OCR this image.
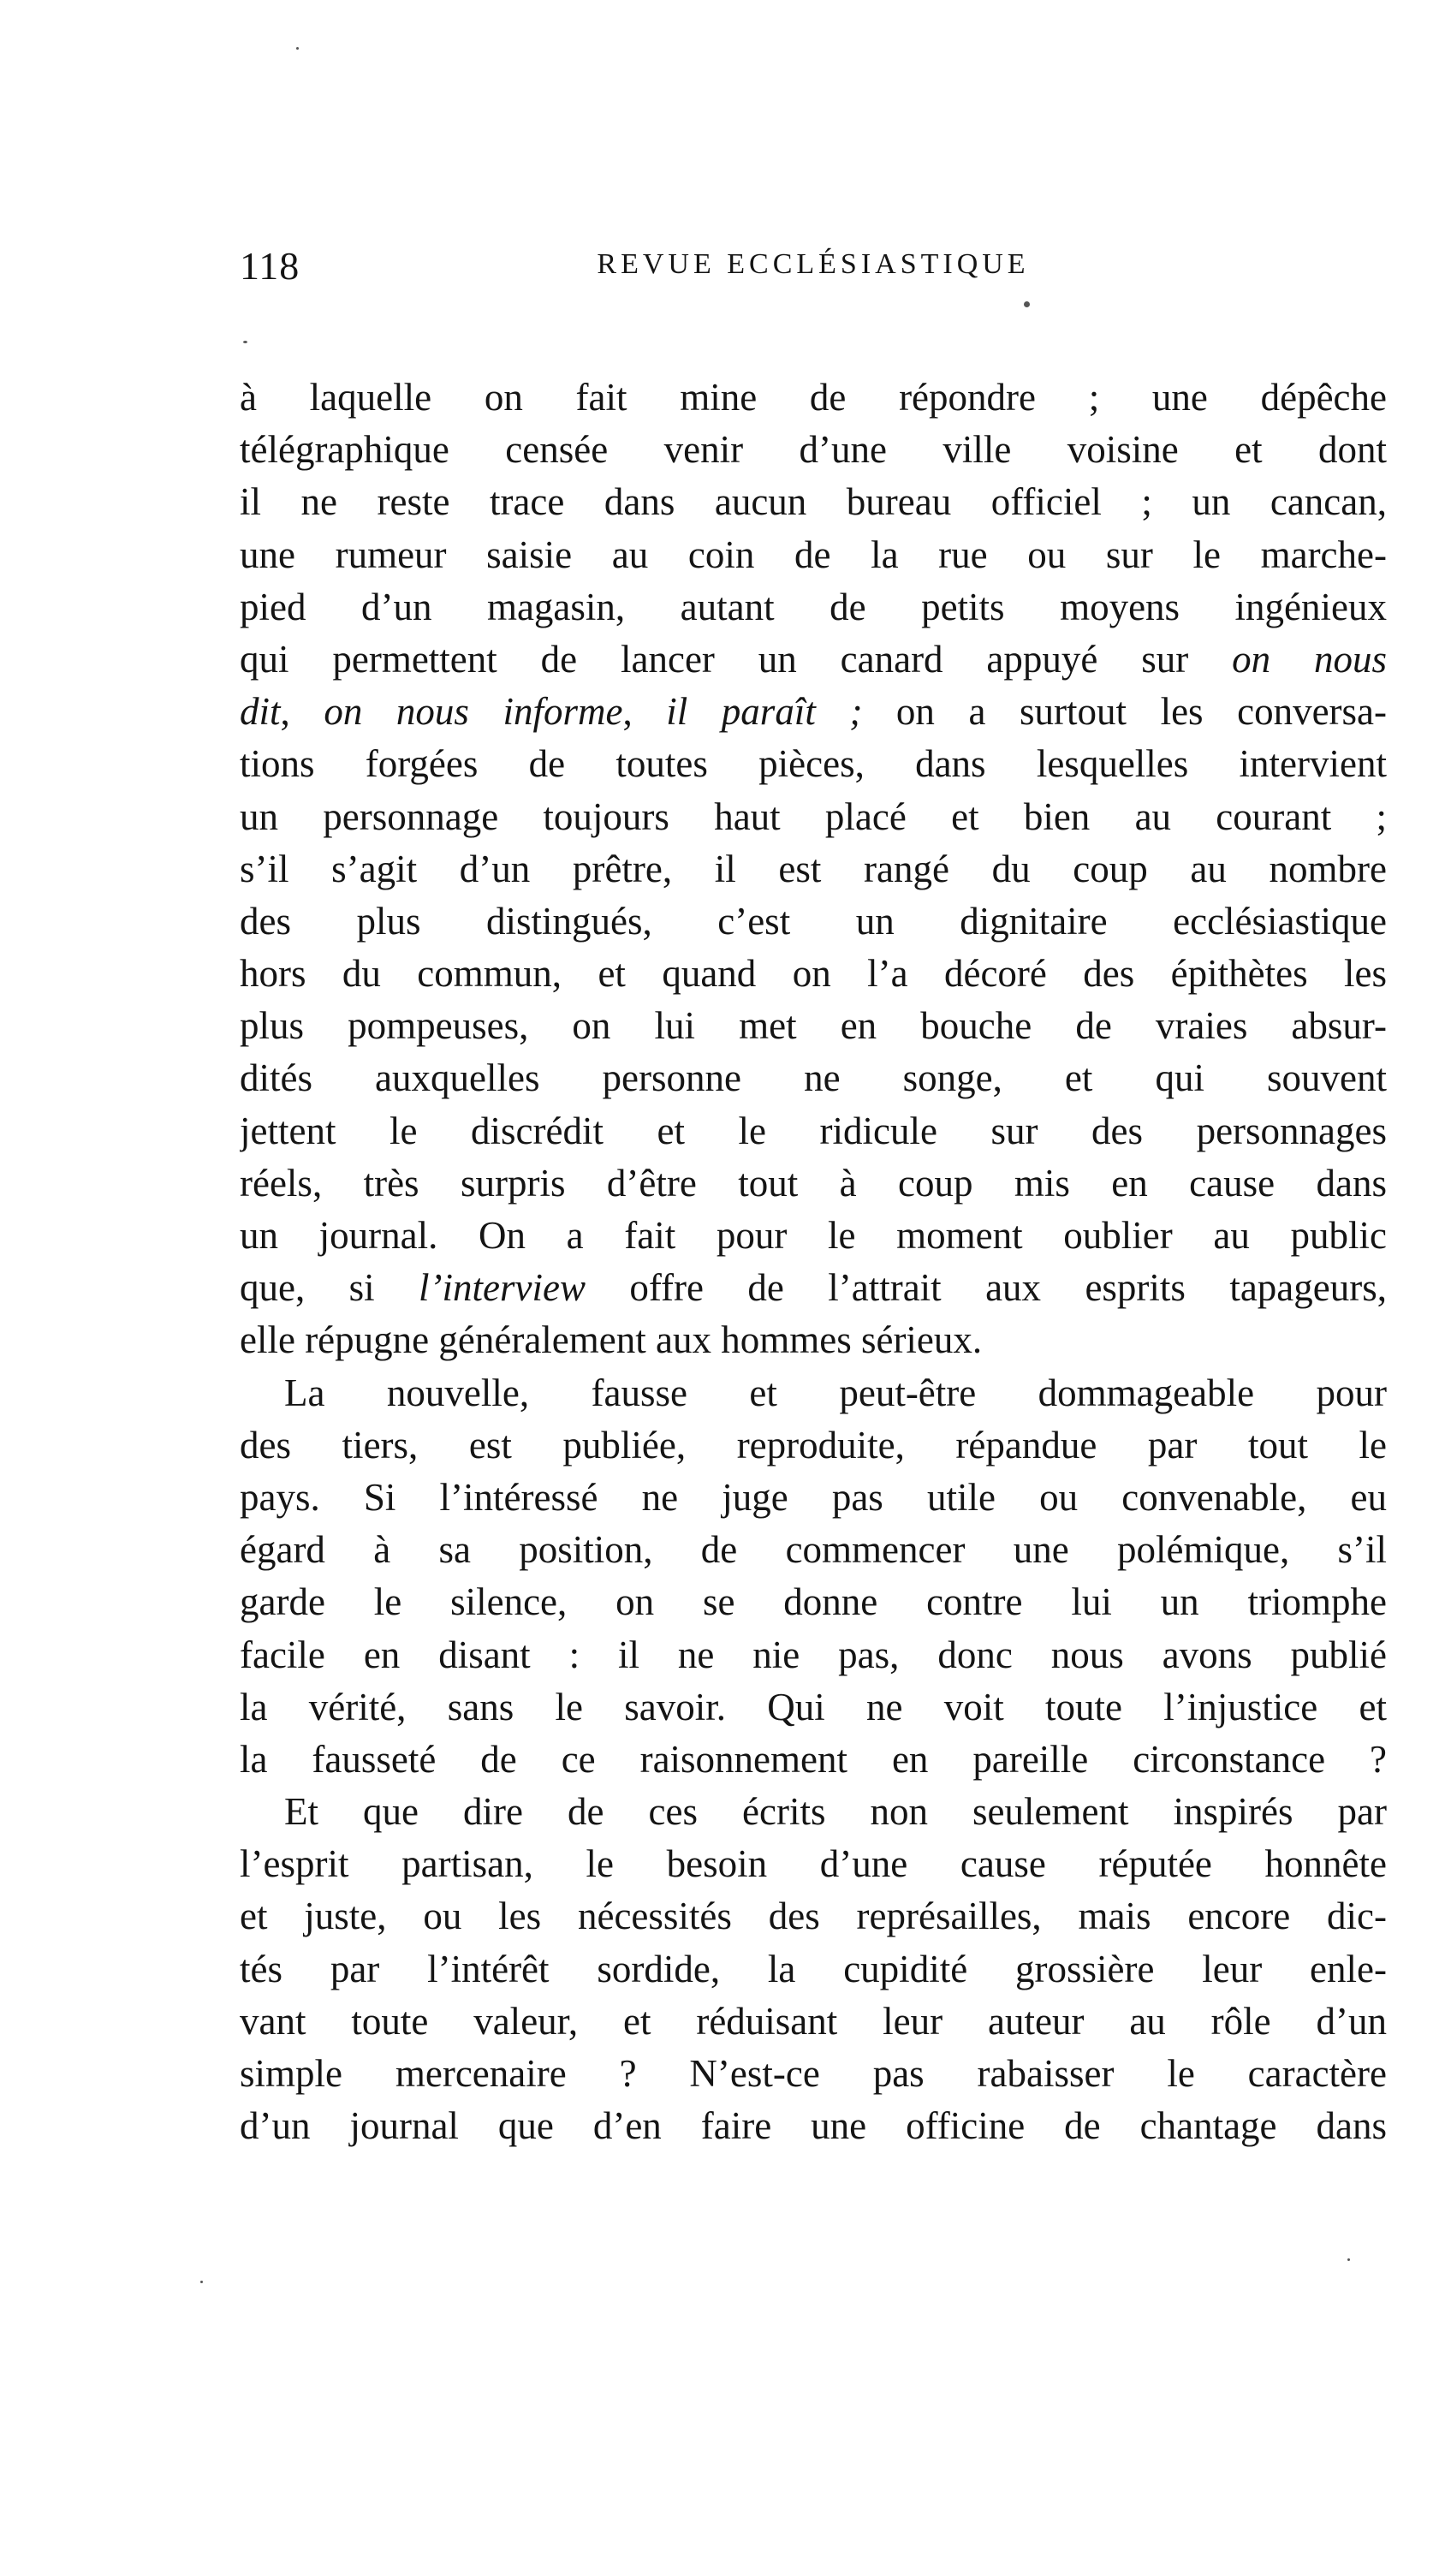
118	REVUE ECCLÉSIASTIQUE
à laquelle on fait mine de répondre ; une dépêche
télégraphique censée venir d’une ville voisine et dont
il ne reste trace dans aucun bureau officiel ; un cancan,
une rumeur saisie au coin de la rue ou sur le marche-
pied d’un magasin, autant de petits moyens ingénieux
qui permettent de lancer un canard appuyé sur on nous
dit, on nous informe, il paraît ; on a surtout les conversa-
tions forgées de toutes pièces, dans lesquelles intervient
un personnage toujours haut placé et bien au courant ;
s’il s’agit d’un prêtre, il est rangé du coup au nombre
des plus distingués, c’est un dignitaire ecclésiastique
hors du commun, et quand on l’a décoré des épithètes les
plus pompeuses, on lui met en bouche de vraies absur-
dités auxquelles personne ne songe, et qui souvent
jettent le discrédit et le ridicule sur des personnages
réels, très surpris d’être tout à coup mis en cause dans
un journal. On a fait pour le moment oublier au public
que, si l’interview offre de l’attrait aux esprits tapageurs,
elle répugne généralement aux hommes sérieux.
La nouvelle, fausse et peut-être dommageable pour
des tiers, est publiée, reproduite, répandue par tout le
pays. Si l’intéressé ne juge pas utile ou convenable, eu
égard à sa position, de commencer une polémique, s’il
garde le silence, on se donne contre lui un triomphe
facile en disant : il ne nie pas, donc nous avons publié
la vérité, sans le savoir. Qui ne voit toute l’injustice et
la fausseté de ce raisonnement en pareille circonstance ?
Et que dire de ces écrits non seulement inspirés par
l’esprit partisan, le besoin d’une cause réputée honnête
et juste, ou les nécessités des représailles, mais encore dic-
tés par l’intérêt sordide, la cupidité grossière leur enle-
vant toute valeur, et réduisant leur auteur au rôle d’un
simple mercenaire ? N’est-ce pas rabaisser le caractère
d’un journal que d’en faire une officine de chantage dans
